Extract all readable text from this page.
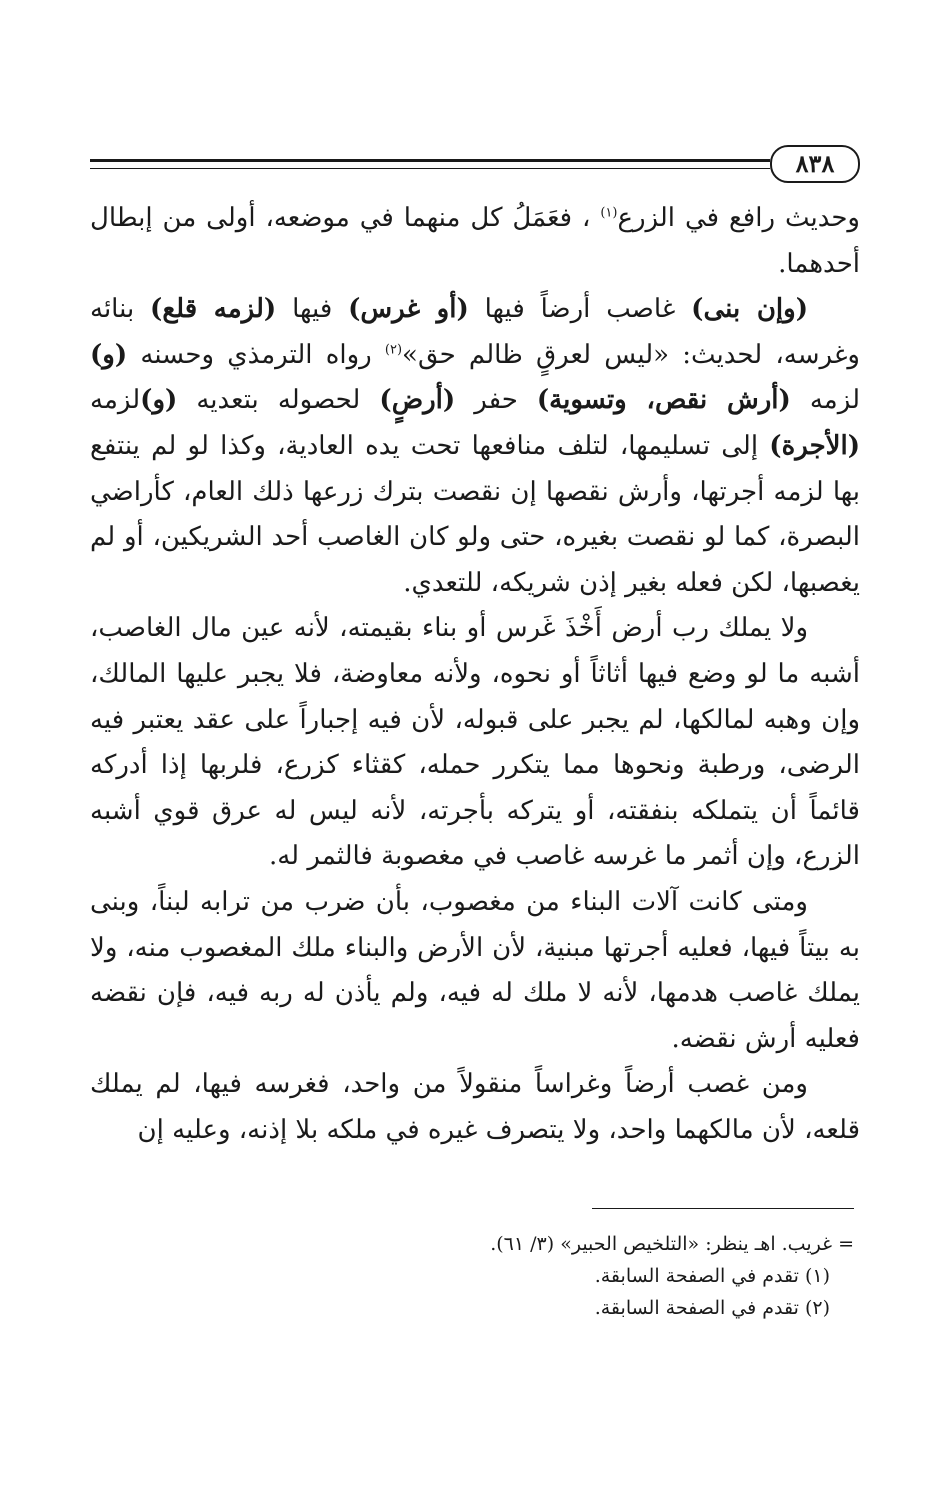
٨٣٨

وحديث رافع في الزرع$^{(١)}$ ، فعَمَلُ كل منهما في موضعه، أولى من إبطال أحدهما.

(وإن بنى) غاصب أرضاً فيها (أو غرس) فيها (لزمه قلع) بنائه وغرسه، لحديث: «ليس لعرقٍ ظالم حق»$^{(٢)}$ رواه الترمذي وحسنه (و) لزمه (أرش نقص، وتسوية) حفر (أرضٍ) لحصوله بتعديه (و)لزمه (الأجرة) إلى تسليمها، لتلف منافعها تحت يده العادية، وكذا لو لم ينتفع بها لزمه أجرتها، وأرش نقصها إن نقصت بترك زرعها ذلك العام، كأراضي البصرة، كما لو نقصت بغيره، حتى ولو كان الغاصب أحد الشريكين، أو لم يغصبها، لكن فعله بغير إذن شريكه، للتعدي.

ولا يملك رب أرض أَخْذَ غَرس أو بناء بقيمته، لأنه عين مال الغاصب، أشبه ما لو وضع فيها أثاثاً أو نحوه، ولأنه معاوضة، فلا يجبر عليها المالك، وإن وهبه لمالكها، لم يجبر على قبوله، لأن فيه إجباراً على عقد يعتبر فيه الرضى، ورطبة ونحوها مما يتكرر حمله، كقثاء كزرع، فلربها إذا أدركه قائماً أن يتملكه بنفقته، أو يتركه بأجرته، لأنه ليس له عرق قوي أشبه الزرع، وإن أثمر ما غرسه غاصب في مغصوبة فالثمر له.

ومتى كانت آلات البناء من مغصوب، بأن ضرب من ترابه لبناً، وبنى به بيتاً فيها، فعليه أجرتها مبنية، لأن الأرض والبناء ملك المغصوب منه، ولا يملك غاصب هدمها، لأنه لا ملك له فيه، ولم يأذن له ربه فيه، فإن نقضه فعليه أرش نقضه.

ومن غصب أرضاً وغراساً منقولاً من واحد، فغرسه فيها، لم يملك قلعه، لأن مالكهما واحد، ولا يتصرف غيره في ملكه بلا إذنه، وعليه إن

= غريب. اهـ ينظر: «التلخيص الحبير» (٣/ ٦١).

(١) تقدم في الصفحة السابقة.

(٢) تقدم في الصفحة السابقة.
